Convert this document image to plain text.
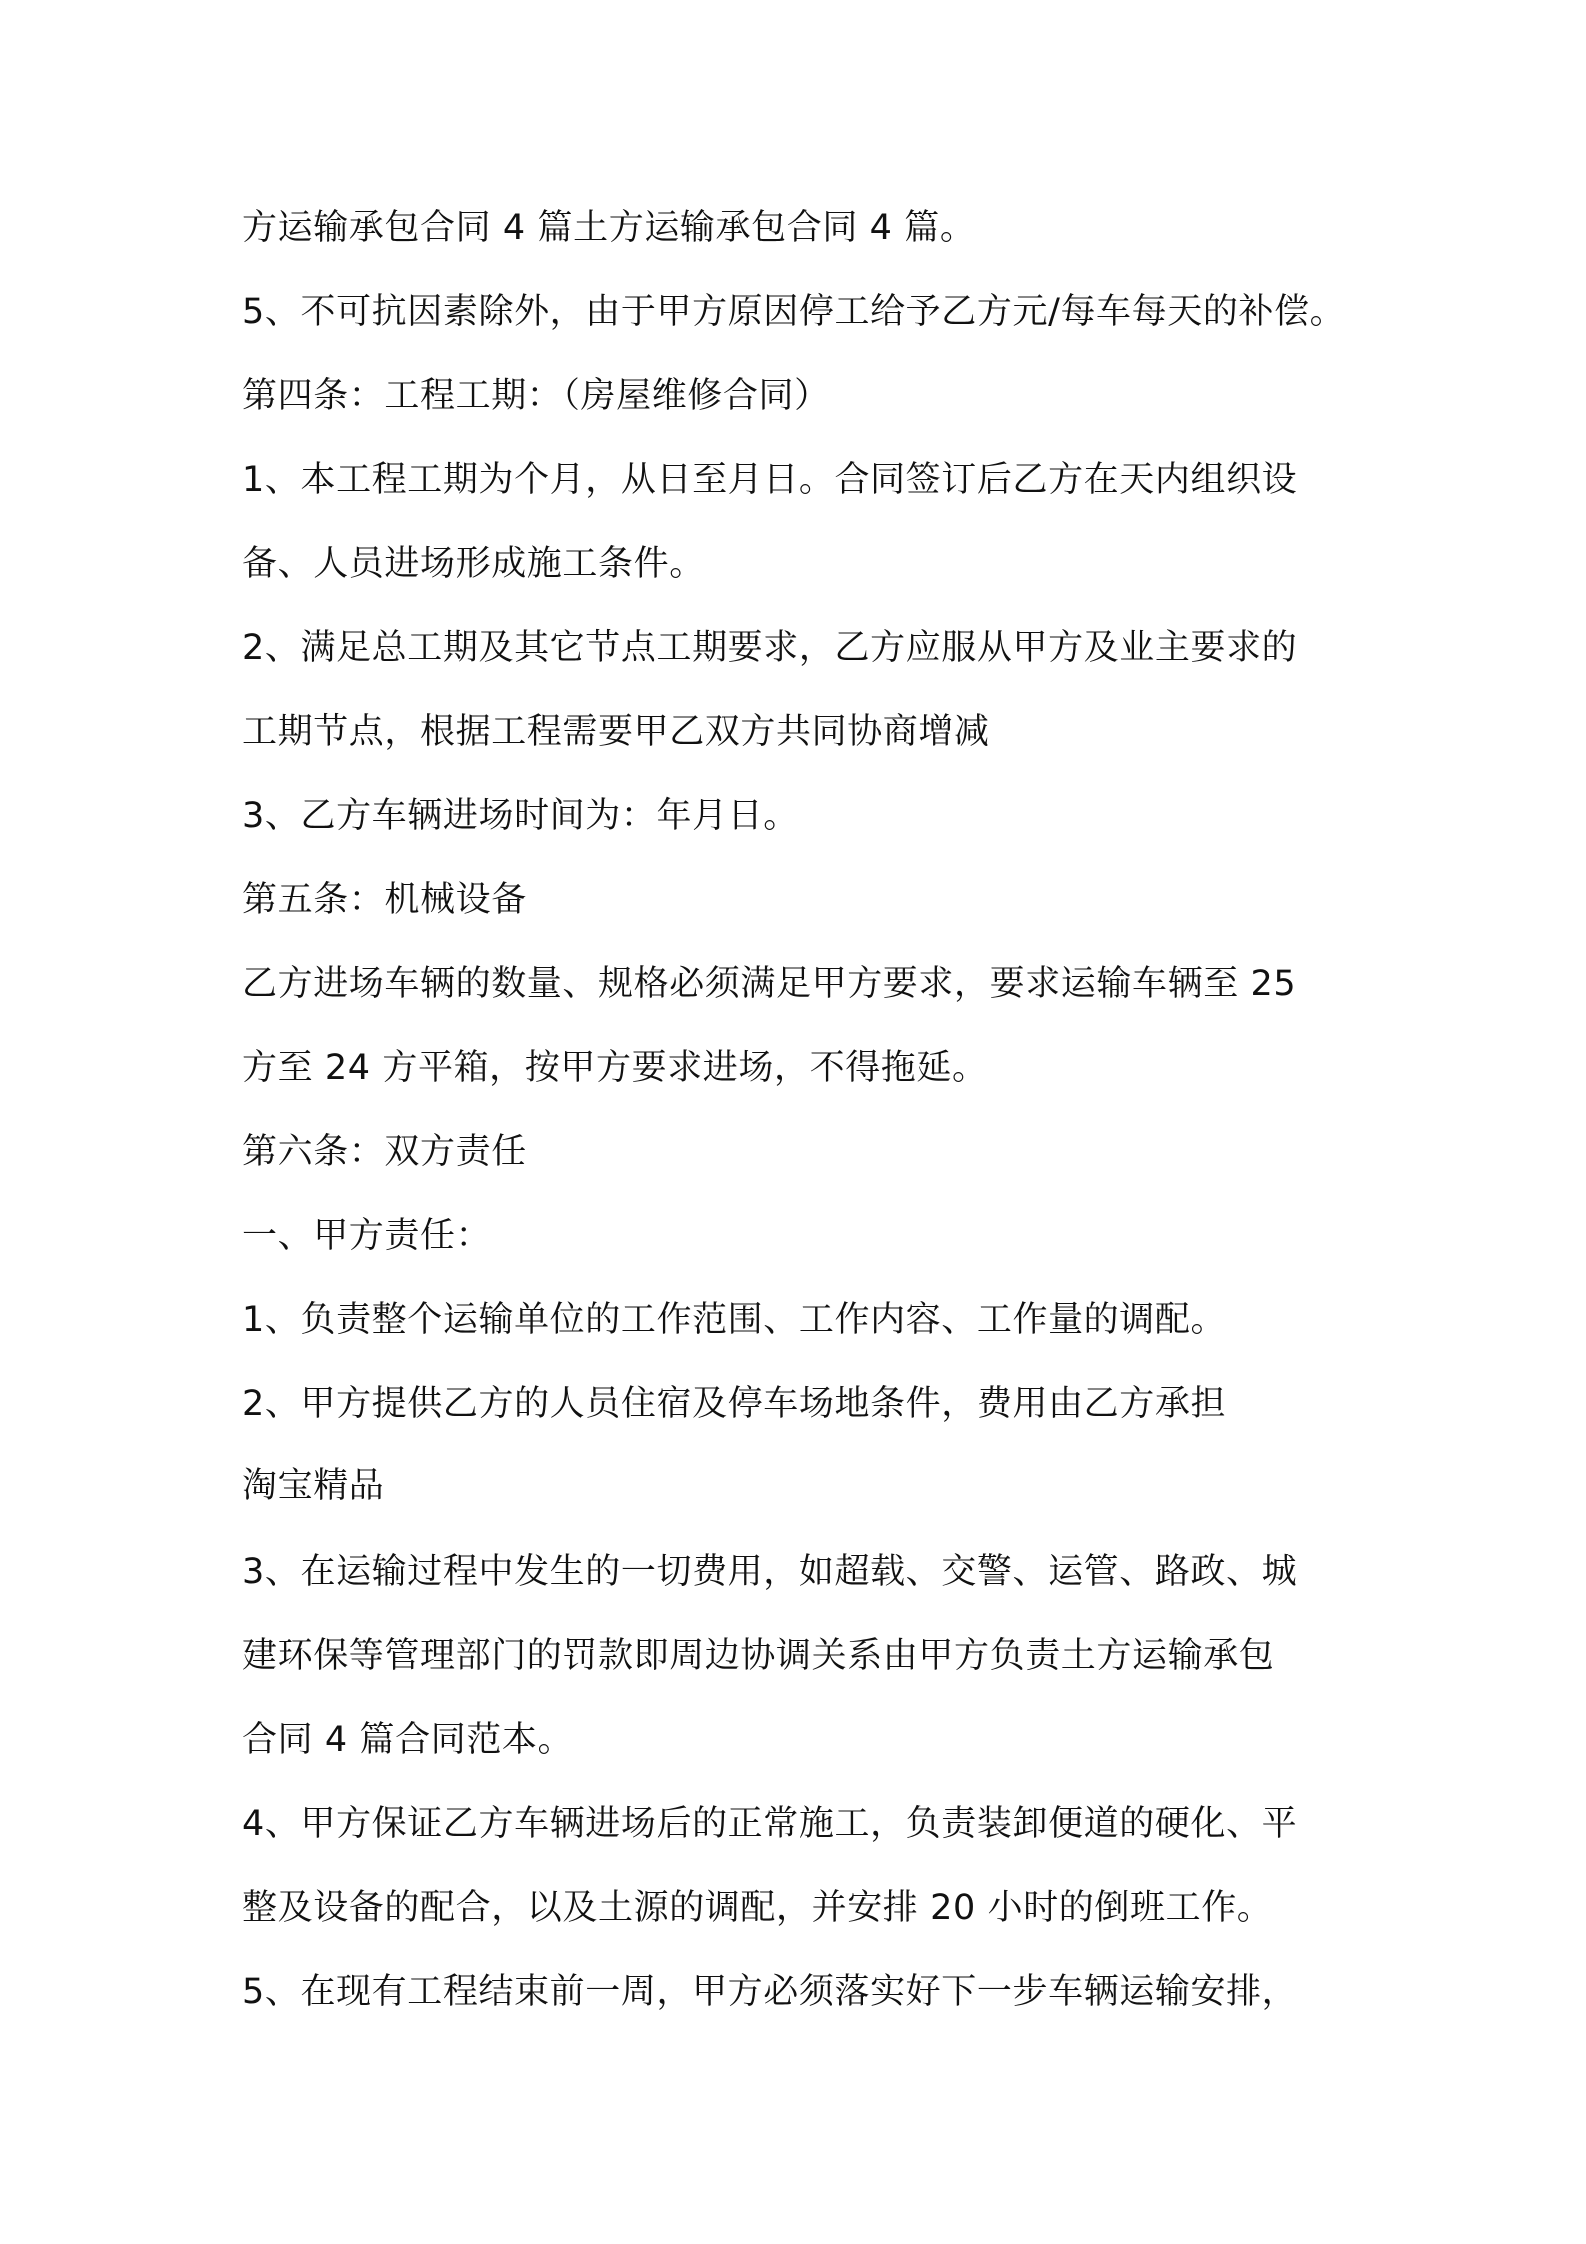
方运输承包合同 4 篇土方运输承包合同 4 篇。
5、不可抗因素除外，由于甲方原因停工给予乙方元/每车每天的补偿。
第四条：工程工期：（房屋维修合同）
1、本工程工期为个月，从日至月日。合同签订后乙方在天内组织设
备、人员进场形成施工条件。
2、满足总工期及其它节点工期要求，乙方应服从甲方及业主要求的
工期节点，根据工程需要甲乙双方共同协商增减
3、乙方车辆进场时间为：年月日。
第五条：机械设备
乙方进场车辆的数量、规格必须满足甲方要求，要求运输车辆至 25
方至 24 方平箱，按甲方要求进场，不得拖延。
第六条：双方责任
一、甲方责任：
1、负责整个运输单位的工作范围、工作内容、工作量的调配。
2、甲方提供乙方的人员住宿及停车场地条件，费用由乙方承担
淘宝精品
3、在运输过程中发生的一切费用，如超载、交警、运管、路政、城
建环保等管理部门的罚款即周边协调关系由甲方负责土方运输承包
合同 4 篇合同范本。
4、甲方保证乙方车辆进场后的正常施工，负责装卸便道的硬化、平
整及设备的配合，以及土源的调配，并安排 20 小时的倒班工作。
5、在现有工程结束前一周，甲方必须落实好下一步车辆运输安排，
